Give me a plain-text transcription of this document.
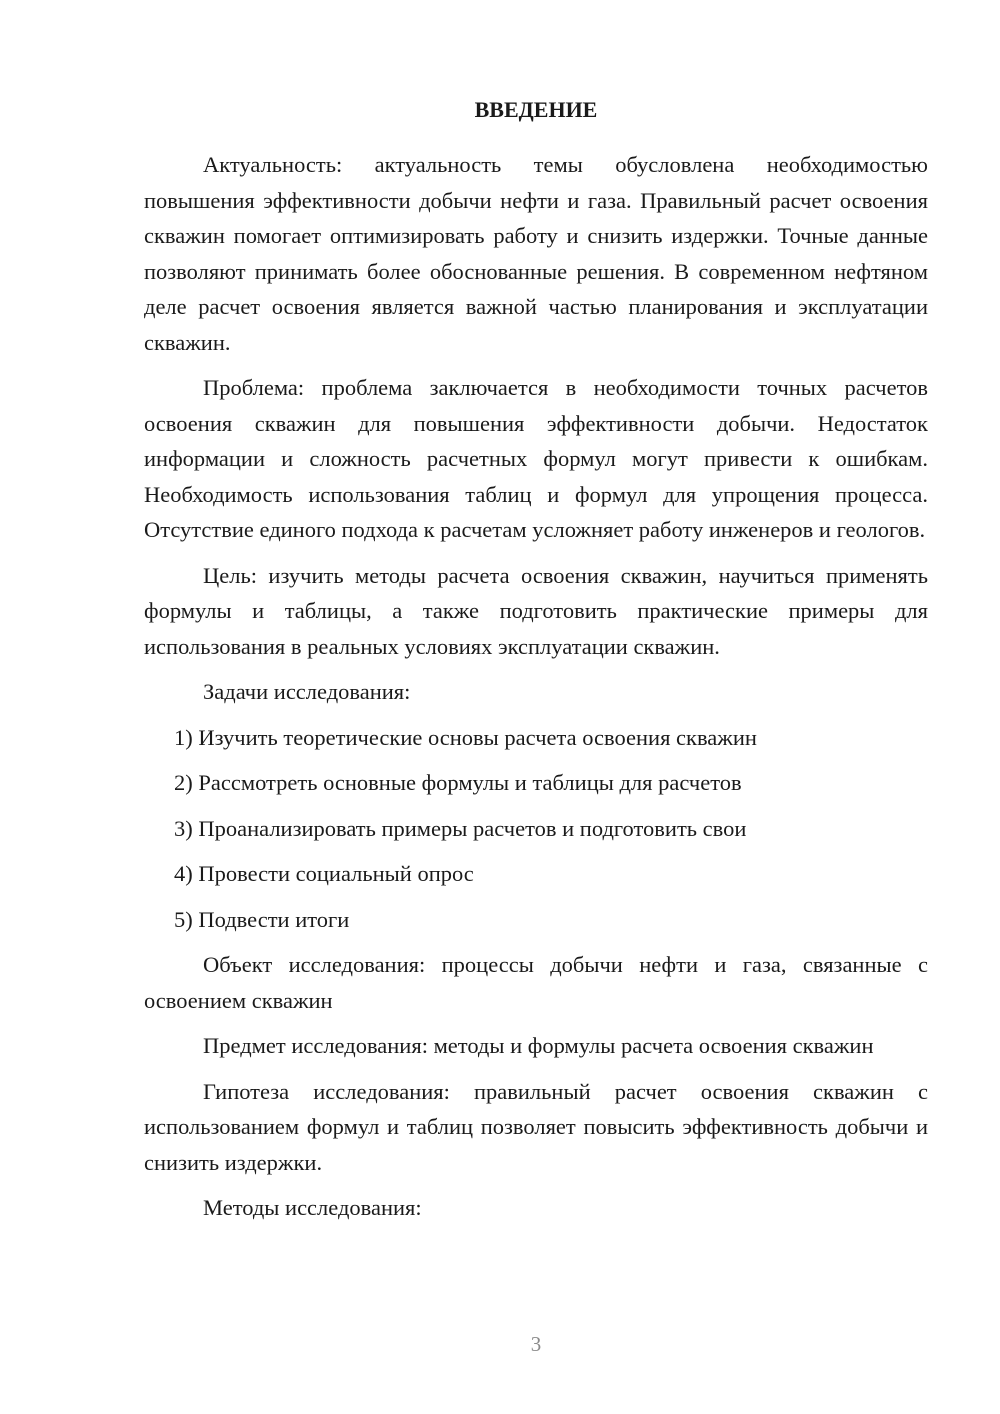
ВВЕДЕНИЕ

Актуальность: актуальность темы обусловлена необходимостью повышения эффективности добычи нефти и газа. Правильный расчет освоения скважин помогает оптимизировать работу и снизить издержки. Точные данные позволяют принимать более обоснованные решения. В современном нефтяном деле расчет освоения является важной частью планирования и эксплуатации скважин.

Проблема: проблема заключается в необходимости точных расчетов освоения скважин для повышения эффективности добычи. Недостаток информации и сложность расчетных формул могут привести к ошибкам. Необходимость использования таблиц и формул для упрощения процесса. Отсутствие единого подхода к расчетам усложняет работу инженеров и геологов.

Цель: изучить методы расчета освоения скважин, научиться применять формулы и таблицы, а также подготовить практические примеры для использования в реальных условиях эксплуатации скважин.

Задачи исследования:

1) Изучить теоретические основы расчета освоения скважин
2) Рассмотреть основные формулы и таблицы для расчетов
3) Проанализировать примеры расчетов и подготовить свои
4) Провести социальный опрос
5) Подвести итоги

Объект исследования: процессы добычи нефти и газа, связанные с освоением скважин

Предмет исследования: методы и формулы расчета освоения скважин

Гипотеза исследования: правильный расчет освоения скважин с использованием формул и таблиц позволяет повысить эффективность добычи и снизить издержки.

Методы исследования:

3
